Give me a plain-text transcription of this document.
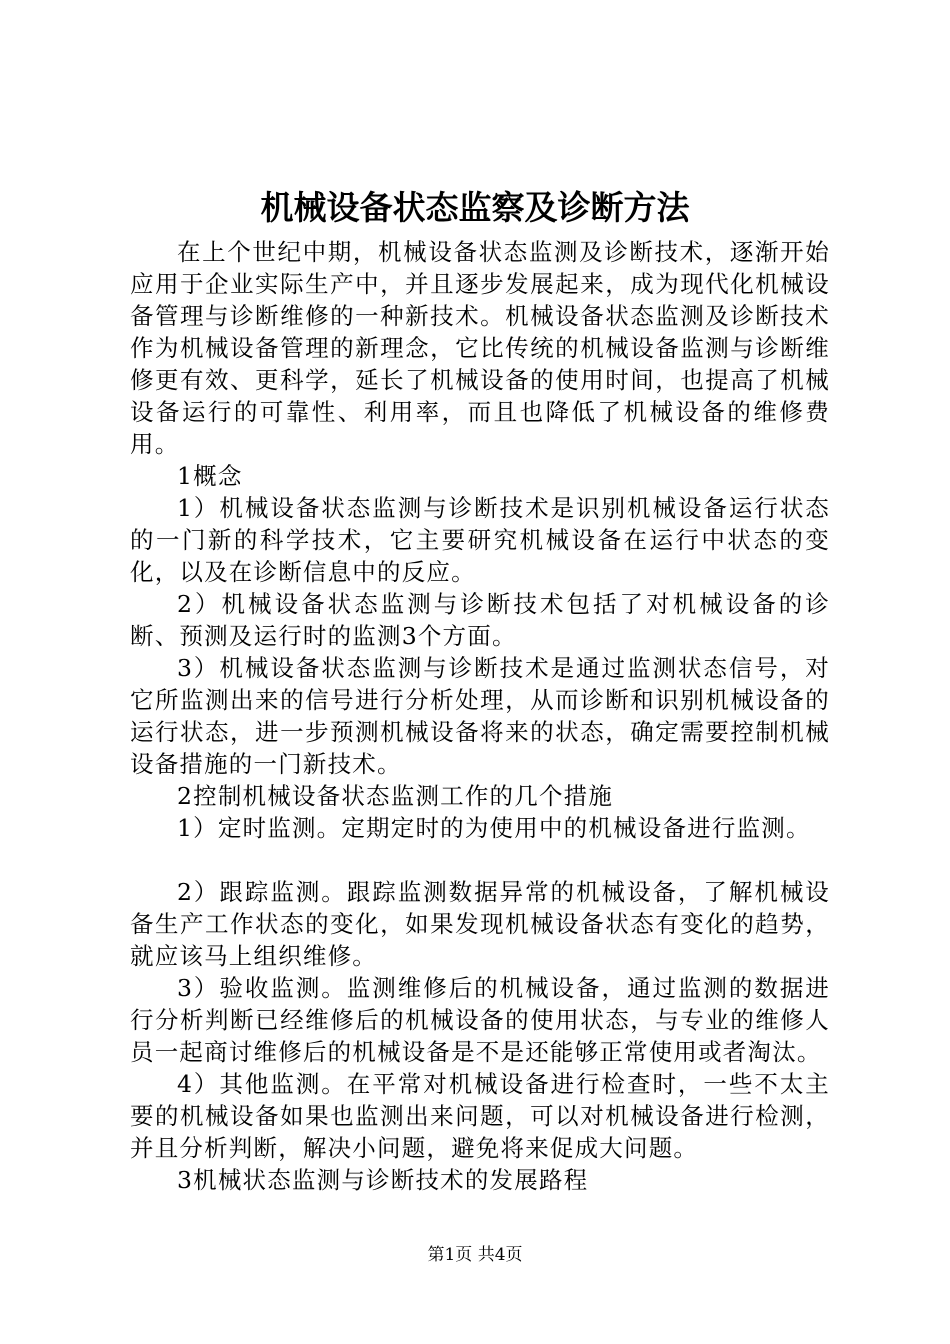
机械设备状态监察及诊断方法

在上个世纪中期，机械设备状态监测及诊断技术，逐渐开始应用于企业实际生产中，并且逐步发展起来，成为现代化机械设备管理与诊断维修的一种新技术。机械设备状态监测及诊断技术作为机械设备管理的新理念，它比传统的机械设备监测与诊断维修更有效、更科学，延长了机械设备的使用时间，也提高了机械设备运行的可靠性、利用率，而且也降低了机械设备的维修费用。

1概念

1）机械设备状态监测与诊断技术是识别机械设备运行状态的一门新的科学技术，它主要研究机械设备在运行中状态的变化，以及在诊断信息中的反应。

2）机械设备状态监测与诊断技术包括了对机械设备的诊断、预测及运行时的监测3个方面。

3）机械设备状态监测与诊断技术是通过监测状态信号，对它所监测出来的信号进行分析处理，从而诊断和识别机械设备的运行状态，进一步预测机械设备将来的状态，确定需要控制机械设备措施的一门新技术。

2控制机械设备状态监测工作的几个措施

1）定时监测。定期定时的为使用中的机械设备进行监测。

2）跟踪监测。跟踪监测数据异常的机械设备，了解机械设备生产工作状态的变化，如果发现机械设备状态有变化的趋势，就应该马上组织维修。

3）验收监测。监测维修后的机械设备，通过监测的数据进行分析判断已经维修后的机械设备的使用状态，与专业的维修人员一起商讨维修后的机械设备是不是还能够正常使用或者淘汰。

4）其他监测。在平常对机械设备进行检查时，一些不太主要的机械设备如果也监测出来问题，可以对机械设备进行检测，并且分析判断，解决小问题，避免将来促成大问题。

3机械状态监测与诊断技术的发展路程

第1页 共4页
